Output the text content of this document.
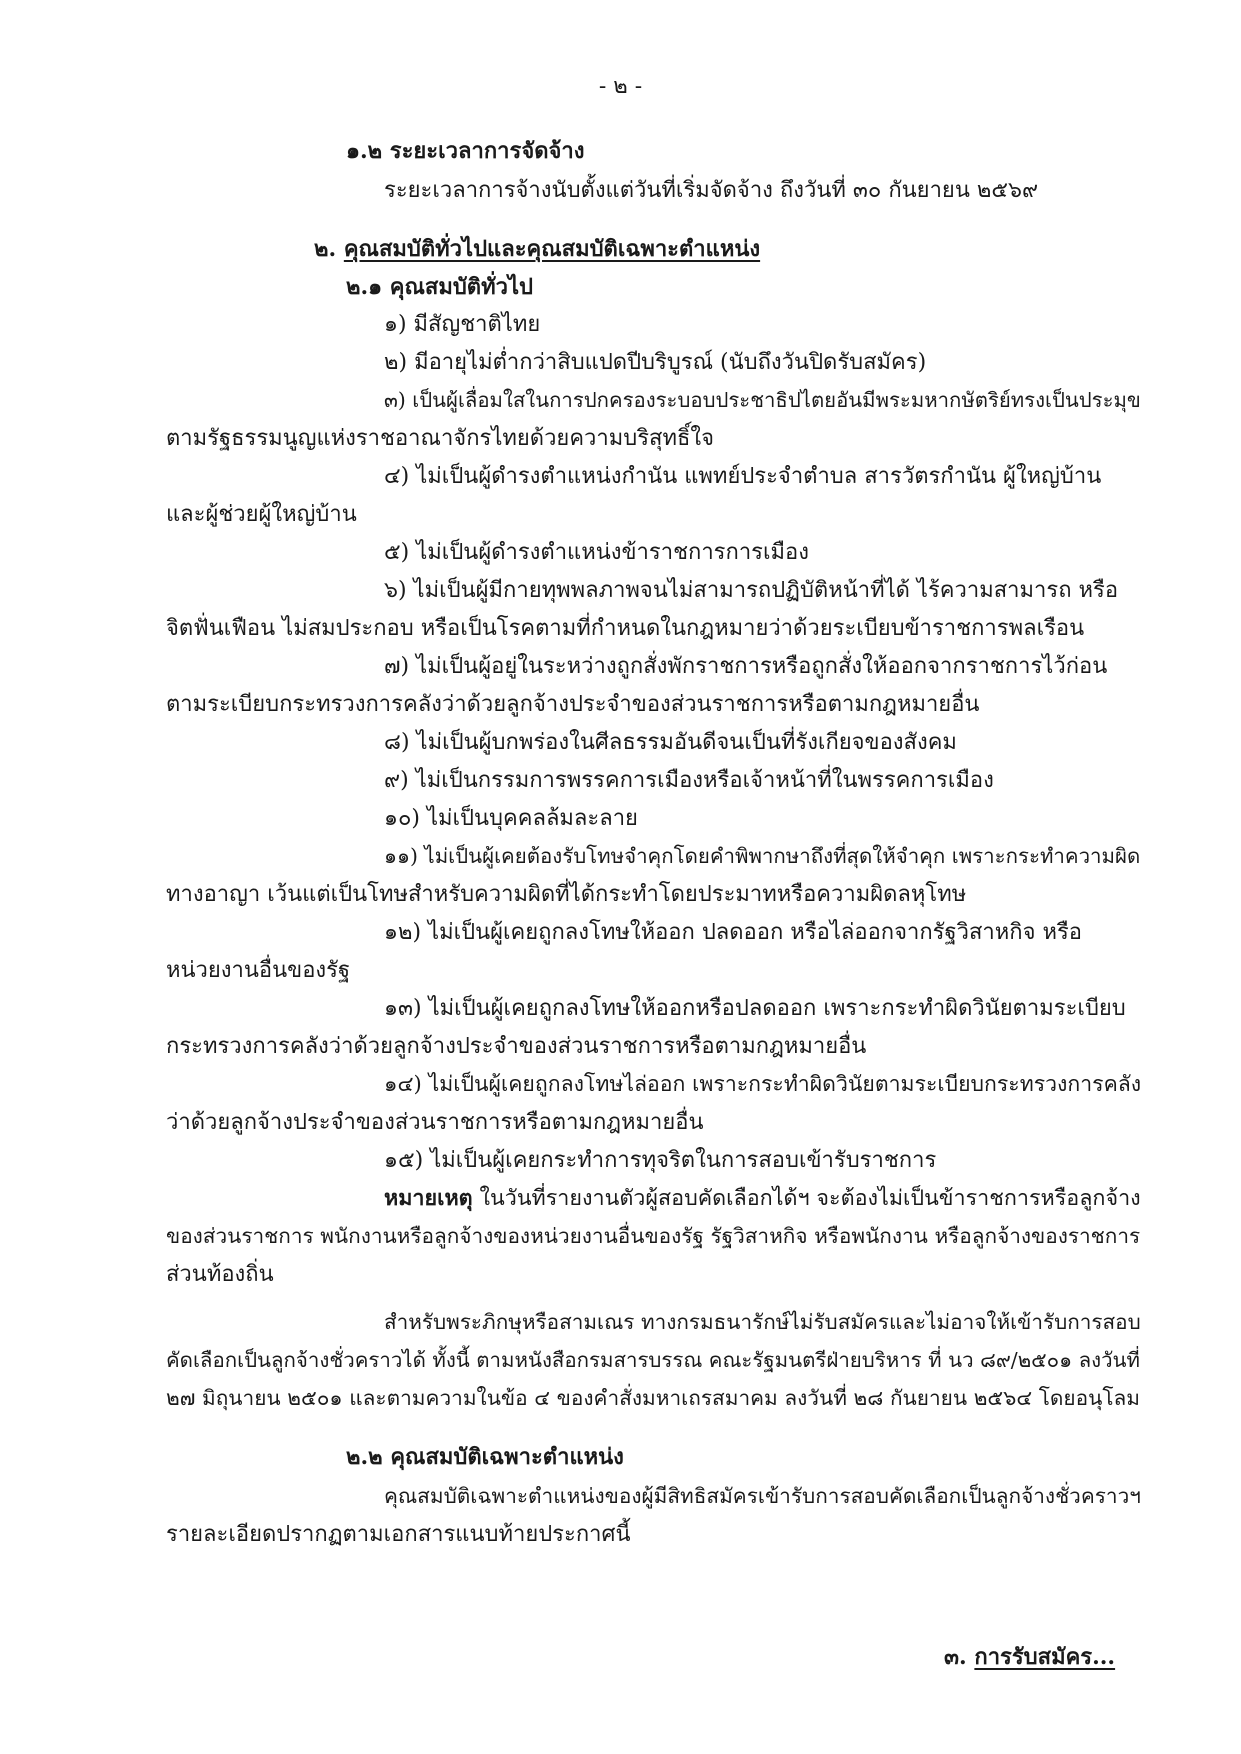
- ๒ -
๑.๒ ระยะเวลาการจัดจ้าง
ระยะเวลาการจ้างนับตั้งแต่วันที่เริ่มจัดจ้าง ถึงวันที่ ๓๐ กันยายน ๒๕๖๙
๒. คุณสมบัติทั่วไปและคุณสมบัติเฉพาะตำแหน่ง
๒.๑ คุณสมบัติทั่วไป
๑) มีสัญชาติไทย
๒) มีอายุไม่ต่ำกว่าสิบแปดปีบริบูรณ์ (นับถึงวันปิดรับสมัคร)
๓) เป็นผู้เลื่อมใสในการปกครองระบอบประชาธิปไตยอันมีพระมหากษัตริย์ทรงเป็นประมุข
ตามรัฐธรรมนูญแห่งราชอาณาจักรไทยด้วยความบริสุทธิ์ใจ
๔) ไม่เป็นผู้ดำรงตำแหน่งกำนัน แพทย์ประจำตำบล สารวัตรกำนัน ผู้ใหญ่บ้าน
และผู้ช่วยผู้ใหญ่บ้าน
๕) ไม่เป็นผู้ดำรงตำแหน่งข้าราชการการเมือง
๖) ไม่เป็นผู้มีกายทุพพลภาพจนไม่สามารถปฏิบัติหน้าที่ได้ ไร้ความสามารถ หรือ
จิตฟั่นเฟือน ไม่สมประกอบ หรือเป็นโรคตามที่กำหนดในกฎหมายว่าด้วยระเบียบข้าราชการพลเรือน
๗) ไม่เป็นผู้อยู่ในระหว่างถูกสั่งพักราชการหรือถูกสั่งให้ออกจากราชการไว้ก่อน
ตามระเบียบกระทรวงการคลังว่าด้วยลูกจ้างประจำของส่วนราชการหรือตามกฎหมายอื่น
๘) ไม่เป็นผู้บกพร่องในศีลธรรมอันดีจนเป็นที่รังเกียจของสังคม
๙) ไม่เป็นกรรมการพรรคการเมืองหรือเจ้าหน้าที่ในพรรคการเมือง
๑๐) ไม่เป็นบุคคลล้มละลาย
๑๑) ไม่เป็นผู้เคยต้องรับโทษจำคุกโดยคำพิพากษาถึงที่สุดให้จำคุก เพราะกระทำความผิด
ทางอาญา เว้นแต่เป็นโทษสำหรับความผิดที่ได้กระทำโดยประมาทหรือความผิดลหุโทษ
๑๒) ไม่เป็นผู้เคยถูกลงโทษให้ออก ปลดออก หรือไล่ออกจากรัฐวิสาหกิจ หรือ
หน่วยงานอื่นของรัฐ
๑๓) ไม่เป็นผู้เคยถูกลงโทษให้ออกหรือปลดออก เพราะกระทำผิดวินัยตามระเบียบ
กระทรวงการคลังว่าด้วยลูกจ้างประจำของส่วนราชการหรือตามกฎหมายอื่น
๑๔) ไม่เป็นผู้เคยถูกลงโทษไล่ออก เพราะกระทำผิดวินัยตามระเบียบกระทรวงการคลัง
ว่าด้วยลูกจ้างประจำของส่วนราชการหรือตามกฎหมายอื่น
๑๕) ไม่เป็นผู้เคยกระทำการทุจริตในการสอบเข้ารับราชการ
หมายเหตุ ในวันที่รายงานตัวผู้สอบคัดเลือกได้ฯ จะต้องไม่เป็นข้าราชการหรือลูกจ้าง
ของส่วนราชการ พนักงานหรือลูกจ้างของหน่วยงานอื่นของรัฐ รัฐวิสาหกิจ หรือพนักงาน หรือลูกจ้างของราชการ
ส่วนท้องถิ่น
สำหรับพระภิกษุหรือสามเณร ทางกรมธนารักษ์ไม่รับสมัครและไม่อาจให้เข้ารับการสอบ
คัดเลือกเป็นลูกจ้างชั่วคราวได้ ทั้งนี้ ตามหนังสือกรมสารบรรณ คณะรัฐมนตรีฝ่ายบริหาร ที่ นว ๘๙/๒๕๐๑ ลงวันที่
๒๗ มิถุนายน ๒๕๐๑ และตามความในข้อ ๔ ของคำสั่งมหาเถรสมาคม ลงวันที่ ๒๘ กันยายน ๒๕๖๔ โดยอนุโลม
๒.๒ คุณสมบัติเฉพาะตำแหน่ง
คุณสมบัติเฉพาะตำแหน่งของผู้มีสิทธิสมัครเข้ารับการสอบคัดเลือกเป็นลูกจ้างชั่วคราวฯ
รายละเอียดปรากฏตามเอกสารแนบท้ายประกาศนี้
๓. การรับสมัคร...
